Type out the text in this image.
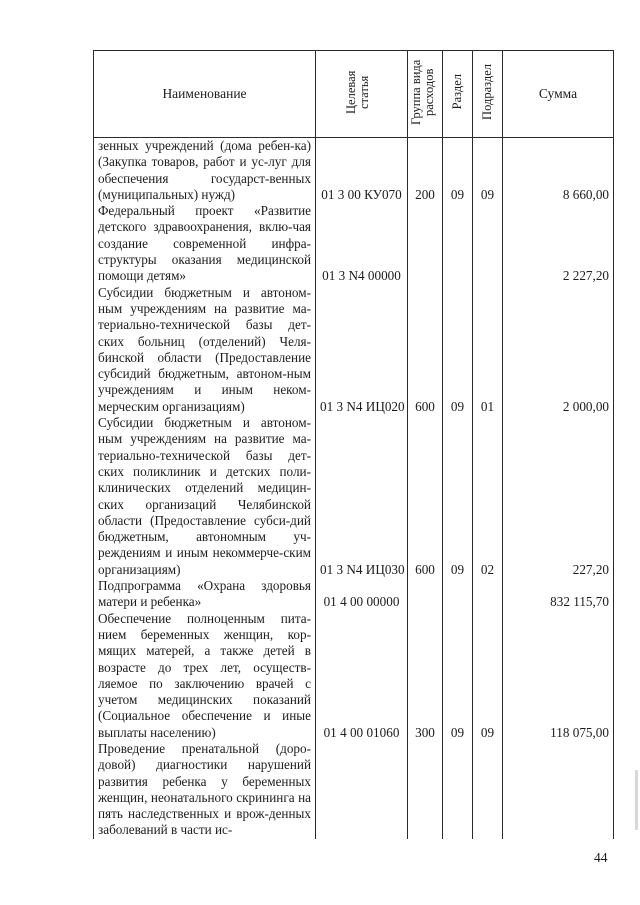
Наименование	Целевая статья	Группа вида расходов	Раздел	Подраздел	Сумма
зенных учреждений (дома ребен-ка) (Закупка товаров, работ и ус-луг для обеспечения государст-венных (муниципальных) нужд)	01 3 00 КУ070	200	09	09	8 660,00
Федеральный проект «Развитие детского здравоохранения, вклю-чая создание современной инфра-структуры оказания медицинской помощи детям»	01 3 N4 00000				2 227,20
Субсидии бюджетным и автоном-ным учреждениям на развитие ма-териально-технической базы дет-ских больниц (отделений) Челя-бинской области (Предоставление субсидий бюджетным, автоном-ным учреждениям и иным неком-мерческим организациям)	01 3 N4 ИЦ020	600	09	01	2 000,00
Субсидии бюджетным и автоном-ным учреждениям на развитие ма-териально-технической базы дет-ских поликлиник и детских поли-клинических отделений медицин-ских организаций Челябинской области (Предоставление субси-дий бюджетным, автономным уч-реждениям и иным некоммерче-ским организациям)	01 3 N4 ИЦ030	600	09	02	227,20
Подпрограмма «Охрана здоровья матери и ребенка»	01 4 00 00000				832 115,70
Обеспечение полноценным пита-нием беременных женщин, кор-мящих матерей, а также детей в возрасте до трех лет, осуществ-ляемое по заключению врачей с учетом медицинских показаний (Социальное обеспечение и иные выплаты населению)	01 4 00 01060	300	09	09	118 075,00
Проведение пренатальной (доро-довой) диагностики нарушений развития ребенка у беременных женщин, неонатального скрининга на пять наследственных и врож-денных заболеваний в части ис-					
44
